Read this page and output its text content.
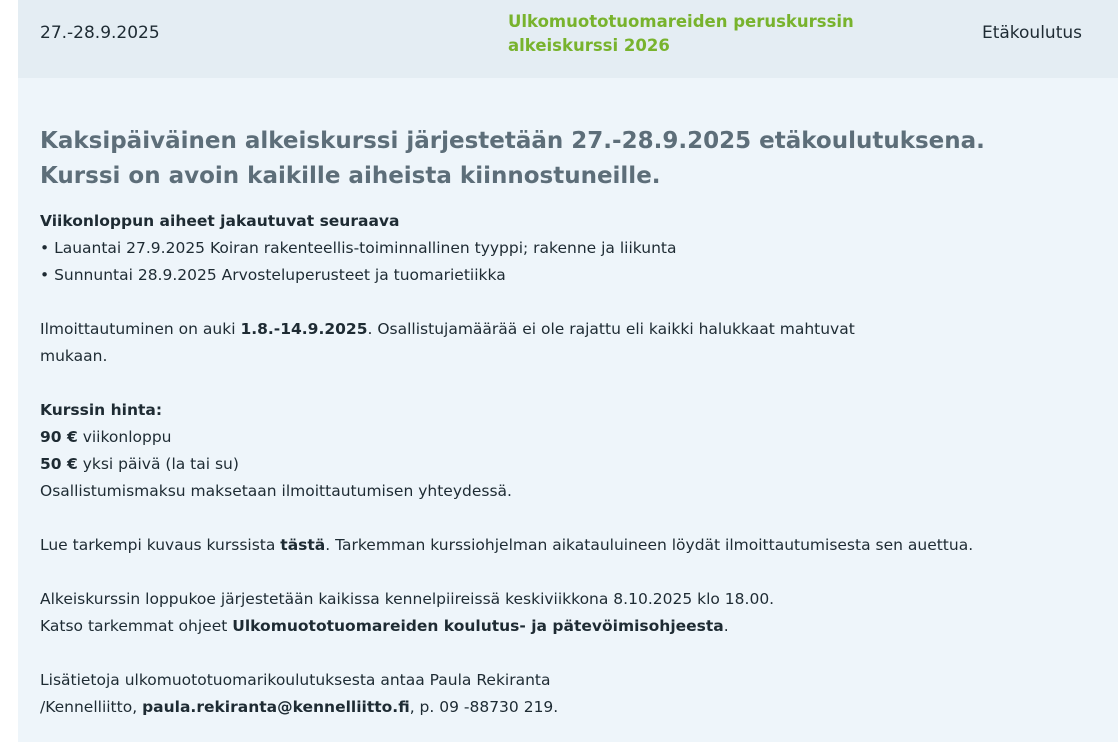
27.-28.9.2025
Ulkomuototuomareiden peruskurssin alkeiskurssi 2026
Etäkoulutus
Kaksipäiväinen alkeiskurssi järjestetään 27.-28.9.2025 etäkoulutuksena.
Kurssi on avoin kaikille aiheista kiinnostuneille.

Viikonloppun aiheet jakautuvat seuraava

• Lauantai 27.9.2025 Koiran rakenteellis-toiminnallinen tyyppi; rakenne ja liikunta

• Sunnuntai 28.9.2025 Arvosteluperusteet ja tuomarietiikka

Ilmoittautuminen on auki 1.8.-14.9.2025. Osallistujamäärää ei ole rajattu eli kaikki halukkaat mahtuvat

mukaan.

Kurssin hinta:

90 € viikonloppu

50 € yksi päivä (la tai su)

Osallistumismaksu maksetaan ilmoittautumisen yhteydessä.

Lue tarkempi kuvaus kurssista tästä. Tarkemman kurssiohjelman aikatauluineen löydät ilmoittautumisesta sen auettua.

Alkeiskurssin loppukoe järjestetään kaikissa kennelpiireissä keskiviikkona 8.10.2025 klo 18.00.

Katso tarkemmat ohjeet Ulkomuototuomareiden koulutus- ja pätevöimisohjeesta.

Lisätietoja ulkomuototuomarikoulutuksesta antaa Paula Rekiranta

/Kennelliitto, paula.rekiranta@kennelliitto.fi, p. 09 -88730 219.
